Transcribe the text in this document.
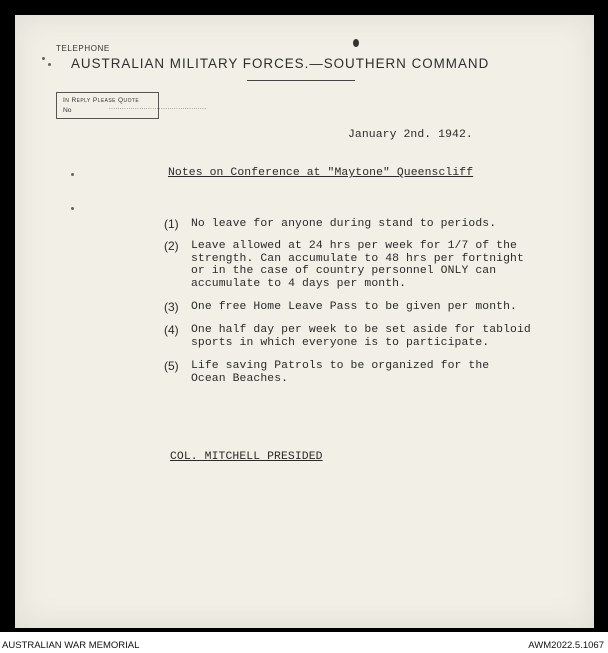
TELEPHONE
AUSTRALIAN MILITARY FORCES.—SOUTHERN COMMAND
In Reply Please Quote
No	.............................................
January 2nd. 1942.
Notes on Conference at "Maytone" Queenscliff
(1) No leave for anyone during stand to periods.
(2) Leave allowed at 24 hrs per week for 1/7 of the
strength. Can accumulate to 48 hrs per fortnight
or in the case of country personnel ONLY can
accumulate to 4 days per month.
(3) One free Home Leave Pass to be given per month.
(4) One half day per week to be set aside for tabloid
sports in which everyone is to participate.
(5) Life saving Patrols to be organized for the
Ocean Beaches.
COL. MITCHELL PRESIDED
AUSTRALIAN WAR MEMORIAL	AWM2022.5.1067
